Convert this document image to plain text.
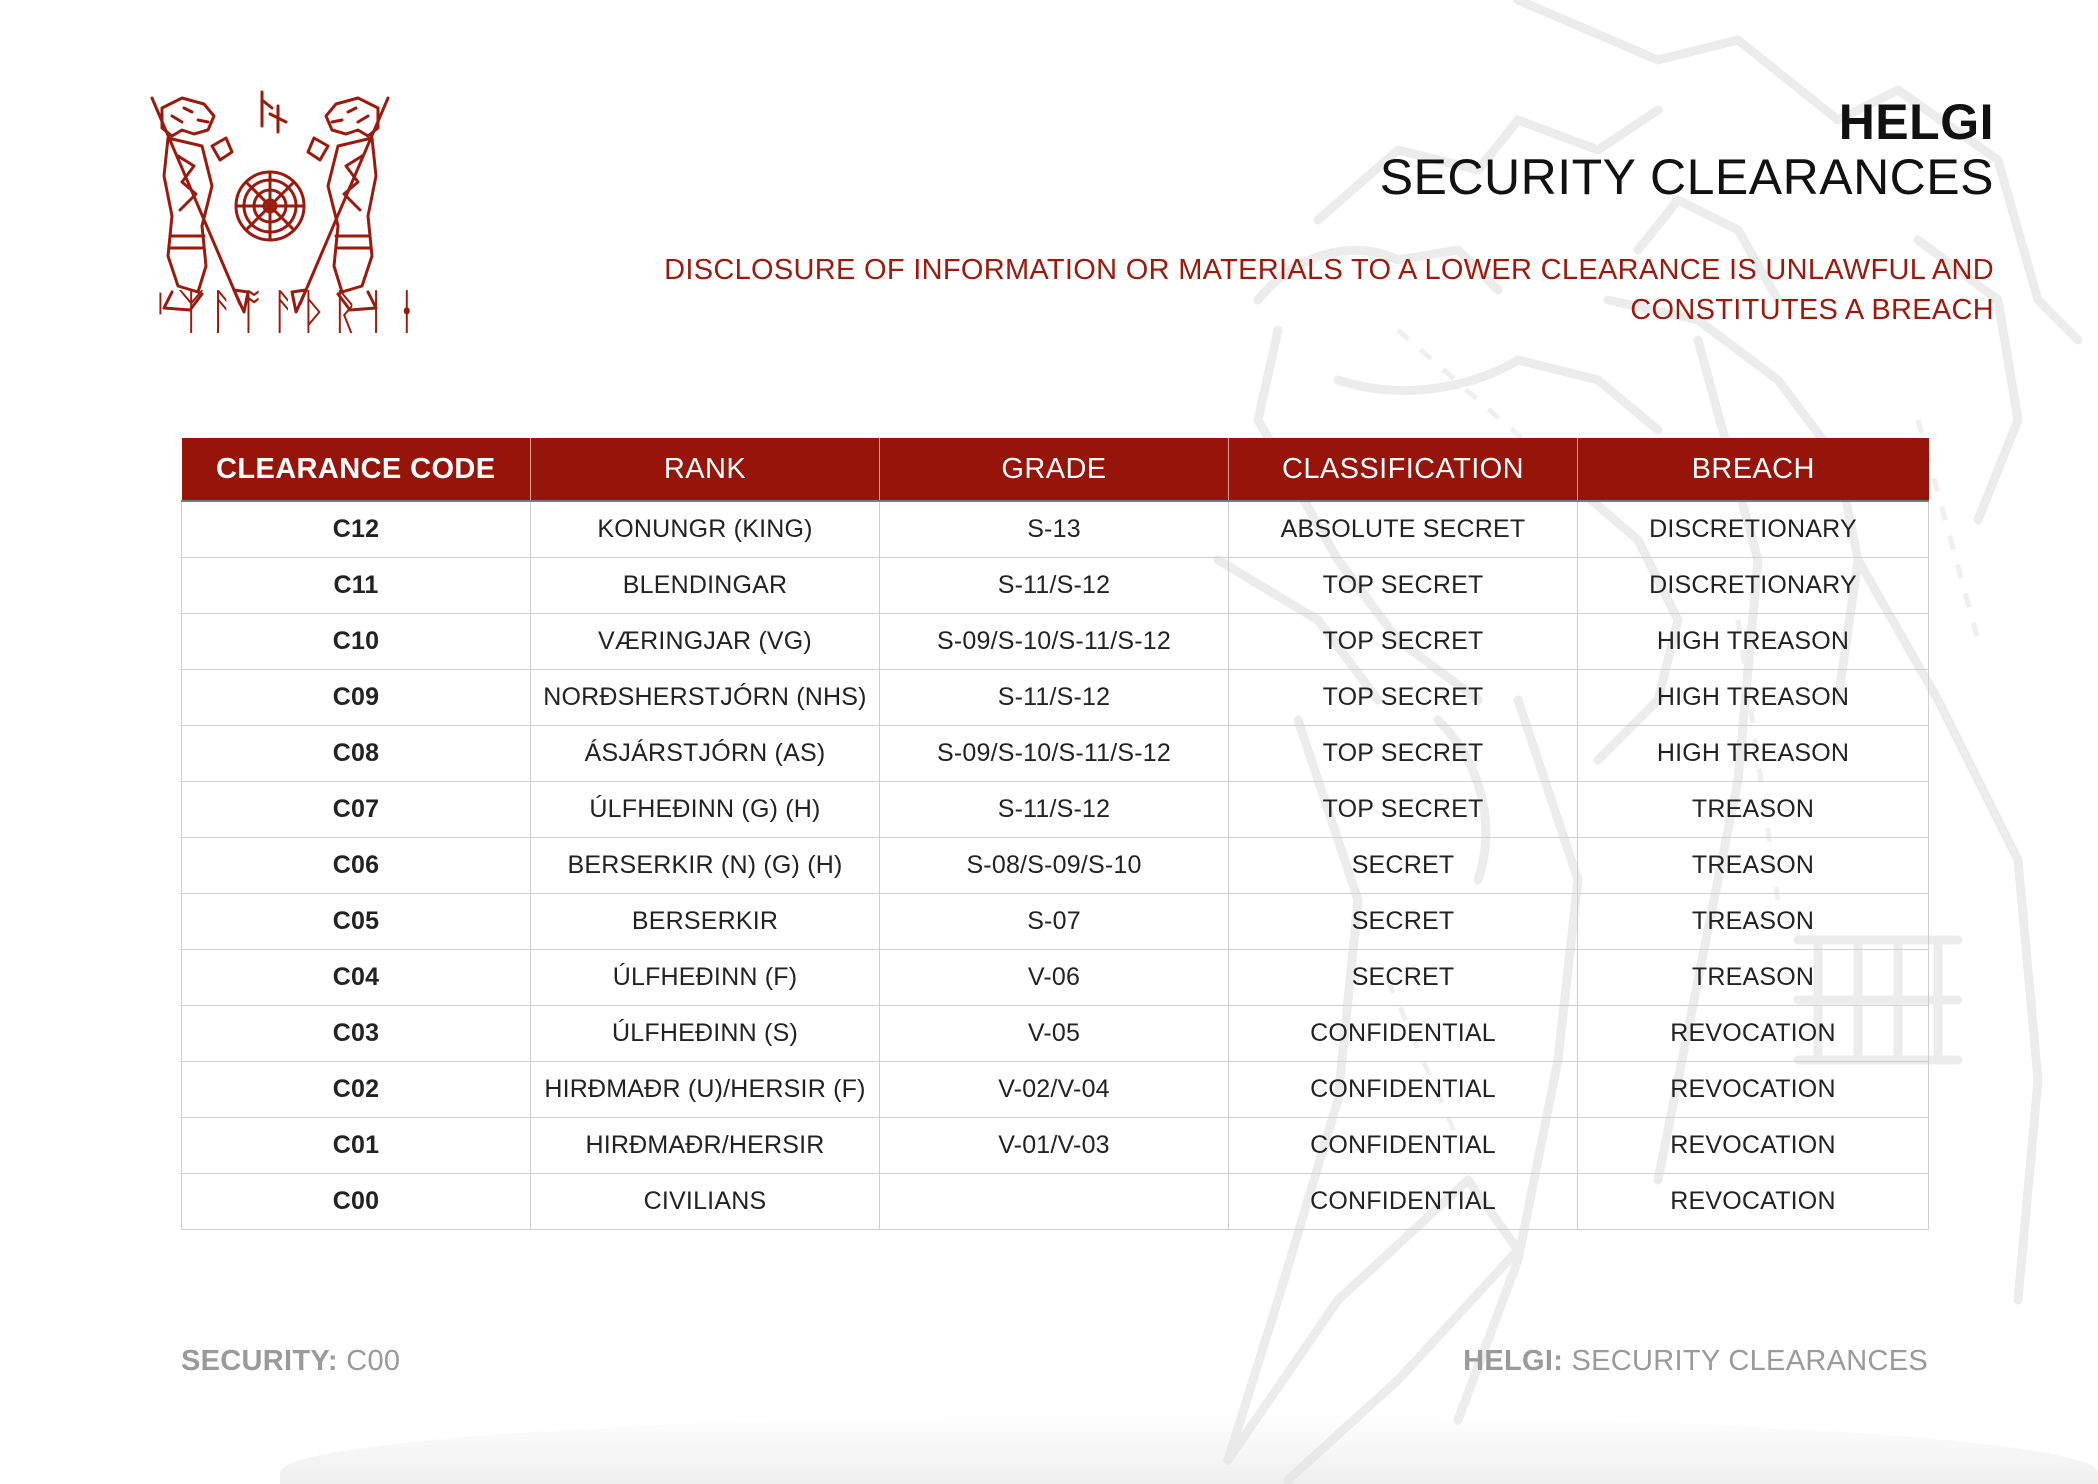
ᛌᛉᚨᚩᚨᚦᚱᛁᚽ
HELGI
SECURITY CLEARANCES
DISCLOSURE OF INFORMATION OR MATERIALS TO A LOWER CLEARANCE IS UNLAWFUL AND
CONSTITUTES A BREACH
CLEARANCE CODE	RANK	GRADE	CLASSIFICATION	BREACH
C12	KONUNGR (KING)	S-13	ABSOLUTE SECRET	DISCRETIONARY
C11	BLENDINGAR	S-11/S-12	TOP SECRET	DISCRETIONARY
C10	VÆRINGJAR (VG)	S-09/S-10/S-11/S-12	TOP SECRET	HIGH TREASON
C09	NORÐSHERSTJÓRN (NHS)	S-11/S-12	TOP SECRET	HIGH TREASON
C08	ÁSJÁRSTJÓRN (AS)	S-09/S-10/S-11/S-12	TOP SECRET	HIGH TREASON
C07	ÚLFHEÐINN (G) (H)	S-11/S-12	TOP SECRET	TREASON
C06	BERSERKIR (N) (G) (H)	S-08/S-09/S-10	SECRET	TREASON
C05	BERSERKIR	S-07	SECRET	TREASON
C04	ÚLFHEÐINN (F)	V-06	SECRET	TREASON
C03	ÚLFHEÐINN (S)	V-05	CONFIDENTIAL	REVOCATION
C02	HIRÐMAÐR (U)/HERSIR (F)	V-02/V-04	CONFIDENTIAL	REVOCATION
C01	HIRÐMAÐR/HERSIR	V-01/V-03	CONFIDENTIAL	REVOCATION
C00	CIVILIANS		CONFIDENTIAL	REVOCATION
SECURITY: C00	HELGI: SECURITY CLEARANCES
